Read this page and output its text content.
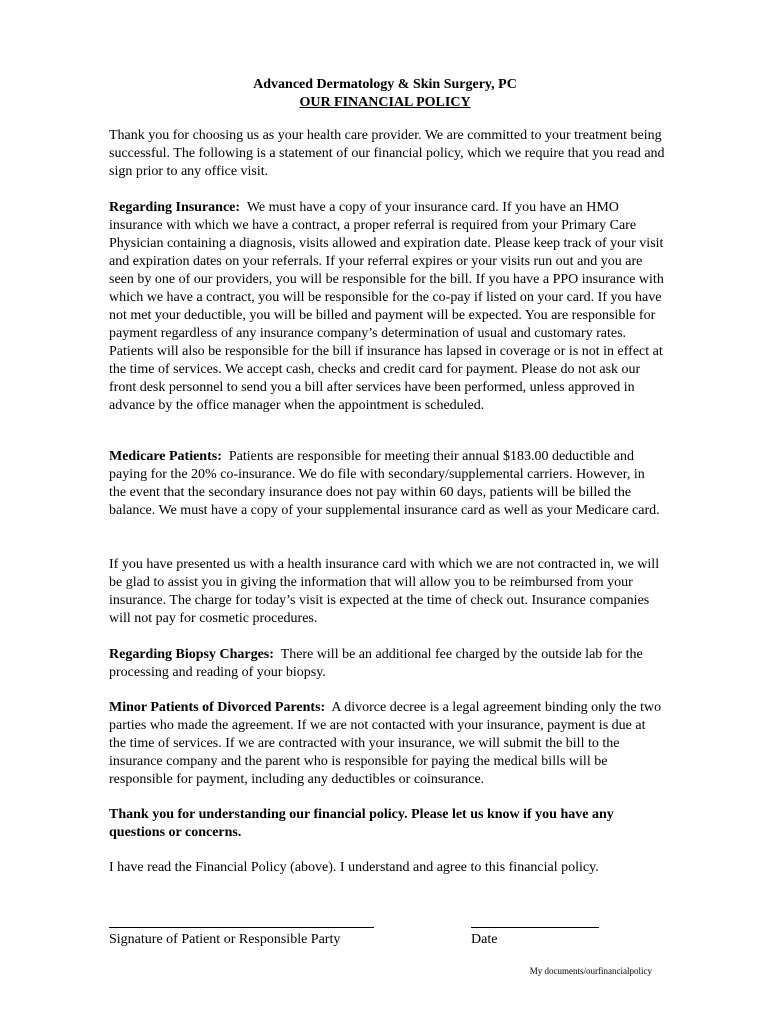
Advanced Dermatology & Skin Surgery, PC
OUR FINANCIAL POLICY

Thank you for choosing us as your health care provider. We are committed to your treatment being successful. The following is a statement of our financial policy, which we require that you read and sign prior to any office visit.

Regarding Insurance: We must have a copy of your insurance card. If you have an HMO insurance with which we have a contract, a proper referral is required from your Primary Care Physician containing a diagnosis, visits allowed and expiration date. Please keep track of your visit and expiration dates on your referrals. If your referral expires or your visits run out and you are seen by one of our providers, you will be responsible for the bill. If you have a PPO insurance with which we have a contract, you will be responsible for the co-pay if listed on your card. If you have not met your deductible, you will be billed and payment will be expected. You are responsible for payment regardless of any insurance company’s determination of usual and customary rates. Patients will also be responsible for the bill if insurance has lapsed in coverage or is not in effect at the time of services. We accept cash, checks and credit card for payment. Please do not ask our front desk personnel to send you a bill after services have been performed, unless approved in advance by the office manager when the appointment is scheduled.

Medicare Patients: Patients are responsible for meeting their annual $183.00 deductible and paying for the 20% co-insurance. We do file with secondary/supplemental carriers. However, in the event that the secondary insurance does not pay within 60 days, patients will be billed the balance. We must have a copy of your supplemental insurance card as well as your Medicare card.

If you have presented us with a health insurance card with which we are not contracted in, we will be glad to assist you in giving the information that will allow you to be reimbursed from your insurance. The charge for today’s visit is expected at the time of check out. Insurance companies will not pay for cosmetic procedures.

Regarding Biopsy Charges: There will be an additional fee charged by the outside lab for the processing and reading of your biopsy.

Minor Patients of Divorced Parents: A divorce decree is a legal agreement binding only the two parties who made the agreement. If we are not contacted with your insurance, payment is due at the time of services. If we are contracted with your insurance, we will submit the bill to the insurance company and the parent who is responsible for paying the medical bills will be responsible for payment, including any deductibles or coinsurance.

Thank you for understanding our financial policy. Please let us know if you have any questions or concerns.

I have read the Financial Policy (above). I understand and agree to this financial policy.

Signature of Patient or Responsible Party	Date
My documents/ourfinancialpolicy
